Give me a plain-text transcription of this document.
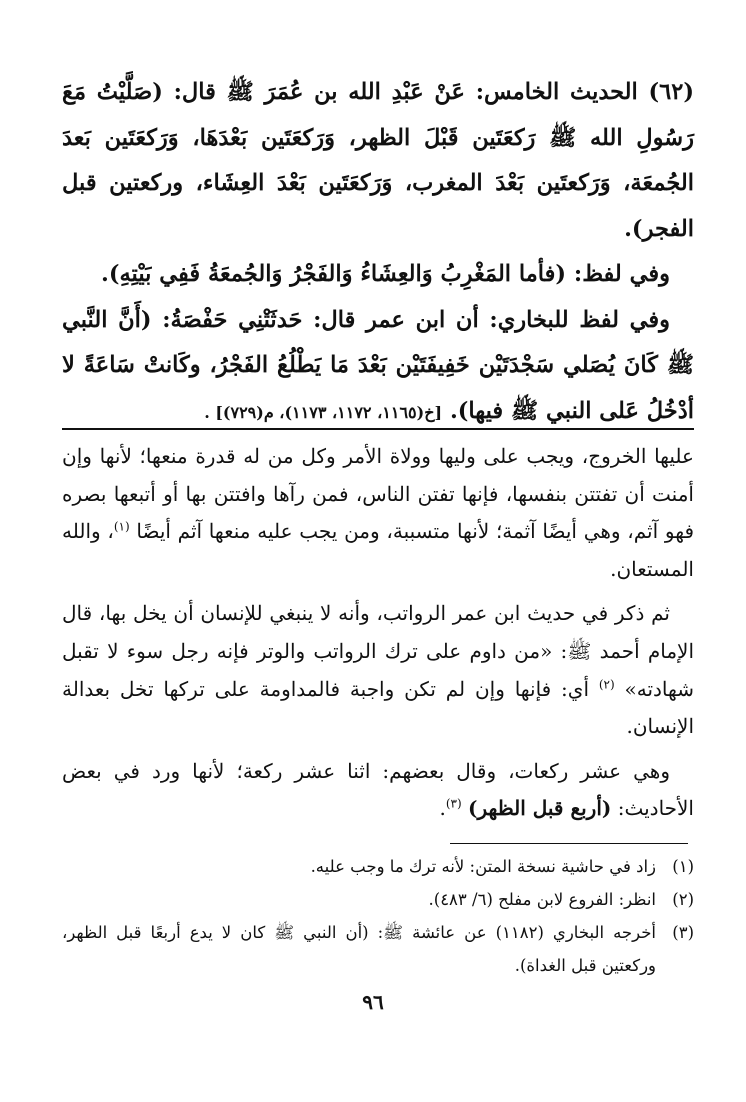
(٦٢) الحديث الخامس: عَنْ عَبْدِ الله بن عُمَرَ ﷺ قال: (صَلَّيْتُ مَعَ رَسُولِ الله ﷺ رَكعَتَين قَبْلَ الظهر، وَرَكعَتَين بَعْدَهَا، وَرَكعَتَين بَعدَ الجُمعَة، وَرَكعتَين بَعْدَ المغرب، وَرَكعَتَين بَعْدَ العِشَاء، وركعتين قبل الفجر).

وفي لفظ: (فأما المَغْرِبُ وَالعِشَاءُ وَالفَجْرُ وَالجُمعَةُ فَفِي بَيْتِهِ).

وفي لفظ للبخاري: أن ابن عمر قال: حَدثَتْنِي حَفْصَةُ: (أَنَّ النَّبي ﷺ كَانَ يُصَلي سَجْدَتَيْن خَفِيفَتَيْن بَعْدَ مَا يَطْلُعُ الفَجْرُ، وكَانتْ سَاعَةً لا أدْخُلُ عَلى النبي ﷺ فيها). [خ(١١٦٥، ١١٧٢، ١١٧٣)، م(٧٢٩)] .

عليها الخروج، ويجب على وليها وولاة الأمر وكل من له قدرة منعها؛ لأنها وإن أمنت أن تفتتن بنفسها، فإنها تفتن الناس، فمن رآها وافتتن بها أو أتبعها بصره فهو آثم، وهي أيضًا آثمة؛ لأنها متسببة، ومن يجب عليه منعها آثم أيضًا $^{(١)}$، والله المستعان.

ثم ذكر في حديث ابن عمر الرواتب، وأنه لا ينبغي للإنسان أن يخل بها، قال الإمام أحمد ﷺ: «من داوم على ترك الرواتب والوتر فإنه رجل سوء لا تقبل شهادته» $^{(٢)}$ أي: فإنها وإن لم تكن واجبة فالمداومة على تركها تخل بعدالة الإنسان.

وهي عشر ركعات، وقال بعضهم: اثنا عشر ركعة؛ لأنها ورد في بعض الأحاديث: (أربع قبل الظهر) $^{(٣)}$.

(١)
زاد في حاشية نسخة المتن: لأنه ترك ما وجب عليه.
(٢)
انظر: الفروع لابن مفلح (٦/ ٤٨٣).
(٣)
أخرجه البخاري (١١٨٢) عن عائشة ﷺ: (أن النبي ﷺ كان لا يدع أربعًا قبل الظهر، وركعتين قبل الغداة).
٩٦
